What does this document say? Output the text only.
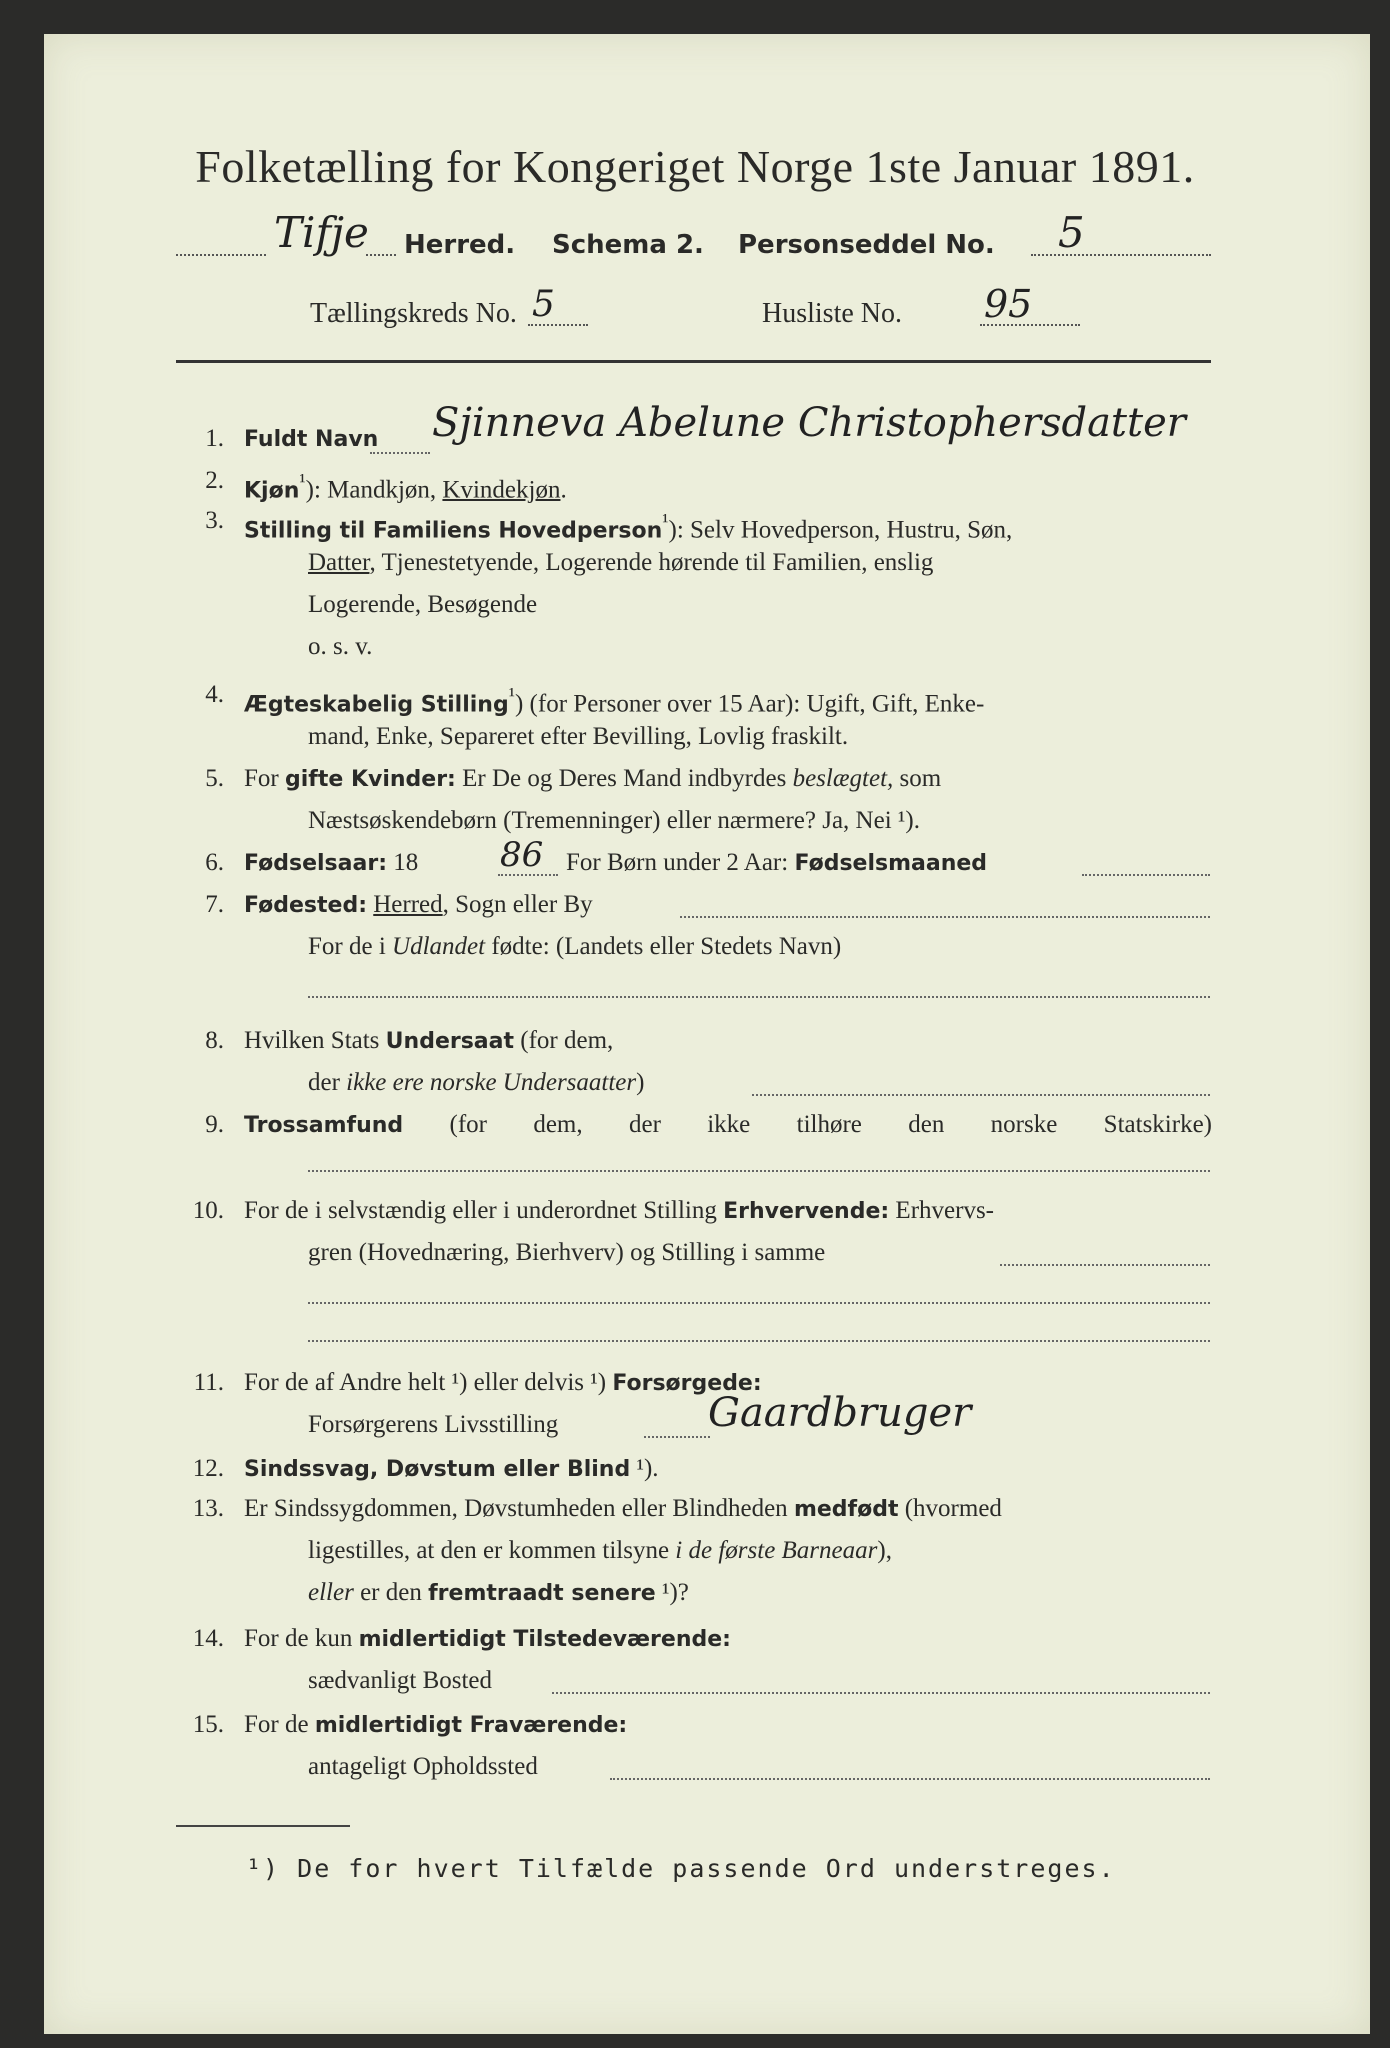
Folketælling for Kongeriget Norge 1ste Januar 1891.
Tifje Herred. Schema 2. Personseddel No. 5
Tællingskreds No. 5	Husliste No. 95
1. Fuldt Navn	Sjinneva Abelune Christophersdatter
2. Kjøn$^{^1}$): Mandkjøn, Kvindekjøn.
3. Stilling til Familiens Hovedperson$^{^1}$): Selv Hovedperson, Hustru, Søn,
Datter, Tjenestetyende, Logerende hørende til Familien, enslig
Logerende, Besøgende
o. s. v.
4. Ægteskabelig Stilling$^{^1}$) (for Personer over 15 Aar): Ugift, Gift, Enke-
mand, Enke, Separeret efter Bevilling, Lovlig fraskilt.
5. For gifte Kvinder: Er De og Deres Mand indbyrdes beslægtet, som
Næstsøskendebørn (Tremenninger) eller nærmere? Ja, Nei ¹).
6. Fødselsaar: 18	86 For Børn under 2 Aar: Fødselsmaaned
7. Fødested: Herred, Sogn eller By
For de i Udlandet fødte: (Landets eller Stedets Navn)
8. Hvilken Stats Undersaat (for dem,
der ikke ere norske Undersaatter)
9. Trossamfund (for dem, der ikke tilhøre den norske Statskirke)
10. For de i selvstændig eller i underordnet Stilling Erhvervende: Erhvervs-
gren (Hovednæring, Bierhverv) og Stilling i samme
11. For de af Andre helt ¹) eller delvis ¹) Forsørgede:
Forsørgerens Livsstilling	Gaardbruger
12. Sindssvag, Døvstum eller Blind ¹).
13. Er Sindssygdommen, Døvstumheden eller Blindheden medfødt (hvormed
ligestilles, at den er kommen tilsyne i de første Barneaar),
eller er den fremtraadt senere ¹)?
14. For de kun midlertidigt Tilstedeværende:
sædvanligt Bosted
15. For de midlertidigt Fraværende:
antageligt Opholdssted
¹) De for hvert Tilfælde passende Ord understreges.
